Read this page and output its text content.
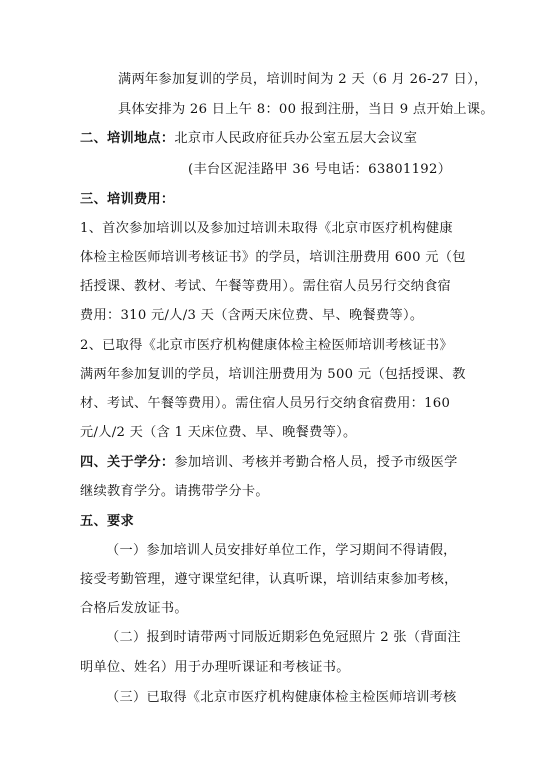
满两年参加复训的学员，培训时间为 2 天（6 月 26-27 日），
具体安排为 26 日上午 8：00 报到注册，当日 9 点开始上课。
二、培训地点：北京市人民政府征兵办公室五层大会议室
(丰台区泥洼路甲 36 号电话：63801192）
三、培训费用：
1、首次参加培训以及参加过培训未取得《北京市医疗机构健康
体检主检医师培训考核证书》的学员，培训注册费用 600 元（包
括授课、教材、考试、午餐等费用）。需住宿人员另行交纳食宿
费用：310 元/人/3 天（含两天床位费、早、晚餐费等）。
2、已取得《北京市医疗机构健康体检主检医师培训考核证书》
满两年参加复训的学员，培训注册费用为 500 元（包括授课、教
材、考试、午餐等费用）。需住宿人员另行交纳食宿费用：160
元/人/2 天（含 1 天床位费、早、晚餐费等）。
四、关于学分：参加培训、考核并考勤合格人员，授予市级医学
继续教育学分。请携带学分卡。
五、要求
（一）参加培训人员安排好单位工作，学习期间不得请假，
接受考勤管理，遵守课堂纪律，认真听课，培训结束参加考核，
合格后发放证书。
（二）报到时请带两寸同版近期彩色免冠照片 2 张（背面注
明单位、姓名）用于办理听课证和考核证书。
（三）已取得《北京市医疗机构健康体检主检医师培训考核
